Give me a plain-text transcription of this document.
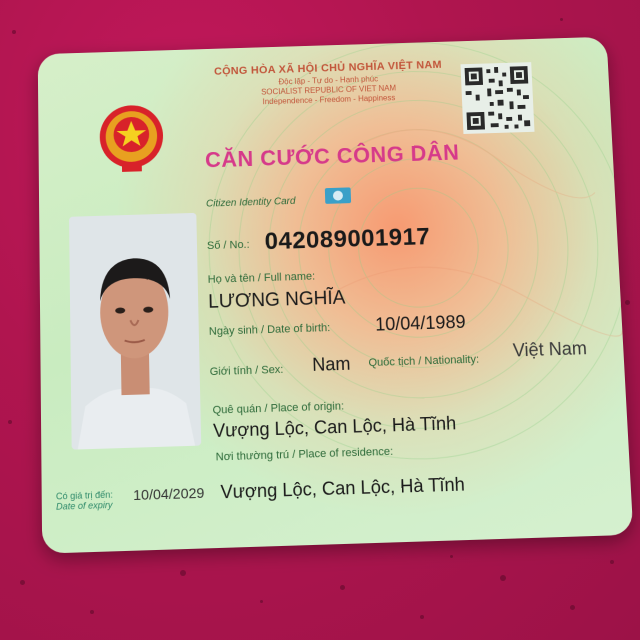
CỘNG HÒA XÃ HỘI CHỦ NGHĨA VIỆT NAM
Độc lập - Tự do - Hạnh phúc
SOCIALIST REPUBLIC OF VIET NAM
Independence - Freedom - Happiness
CĂN CƯỚC CÔNG DÂN
Citizen Identity Card
Số / No.: 042089001917
Họ và tên / Full name:
LƯƠNG NGHĨA
Ngày sinh / Date of birth: 10/04/1989
Giới tính / Sex: Nam Quốc tịch / Nationality:
Việt Nam
Quê quán / Place of origin:
Vượng Lộc, Can Lộc, Hà Tĩnh
Nơi thường trú / Place of residence:
Vượng Lộc, Can Lộc, Hà Tĩnh
Có giá trị đến:
Date of expiry
10/04/2029
